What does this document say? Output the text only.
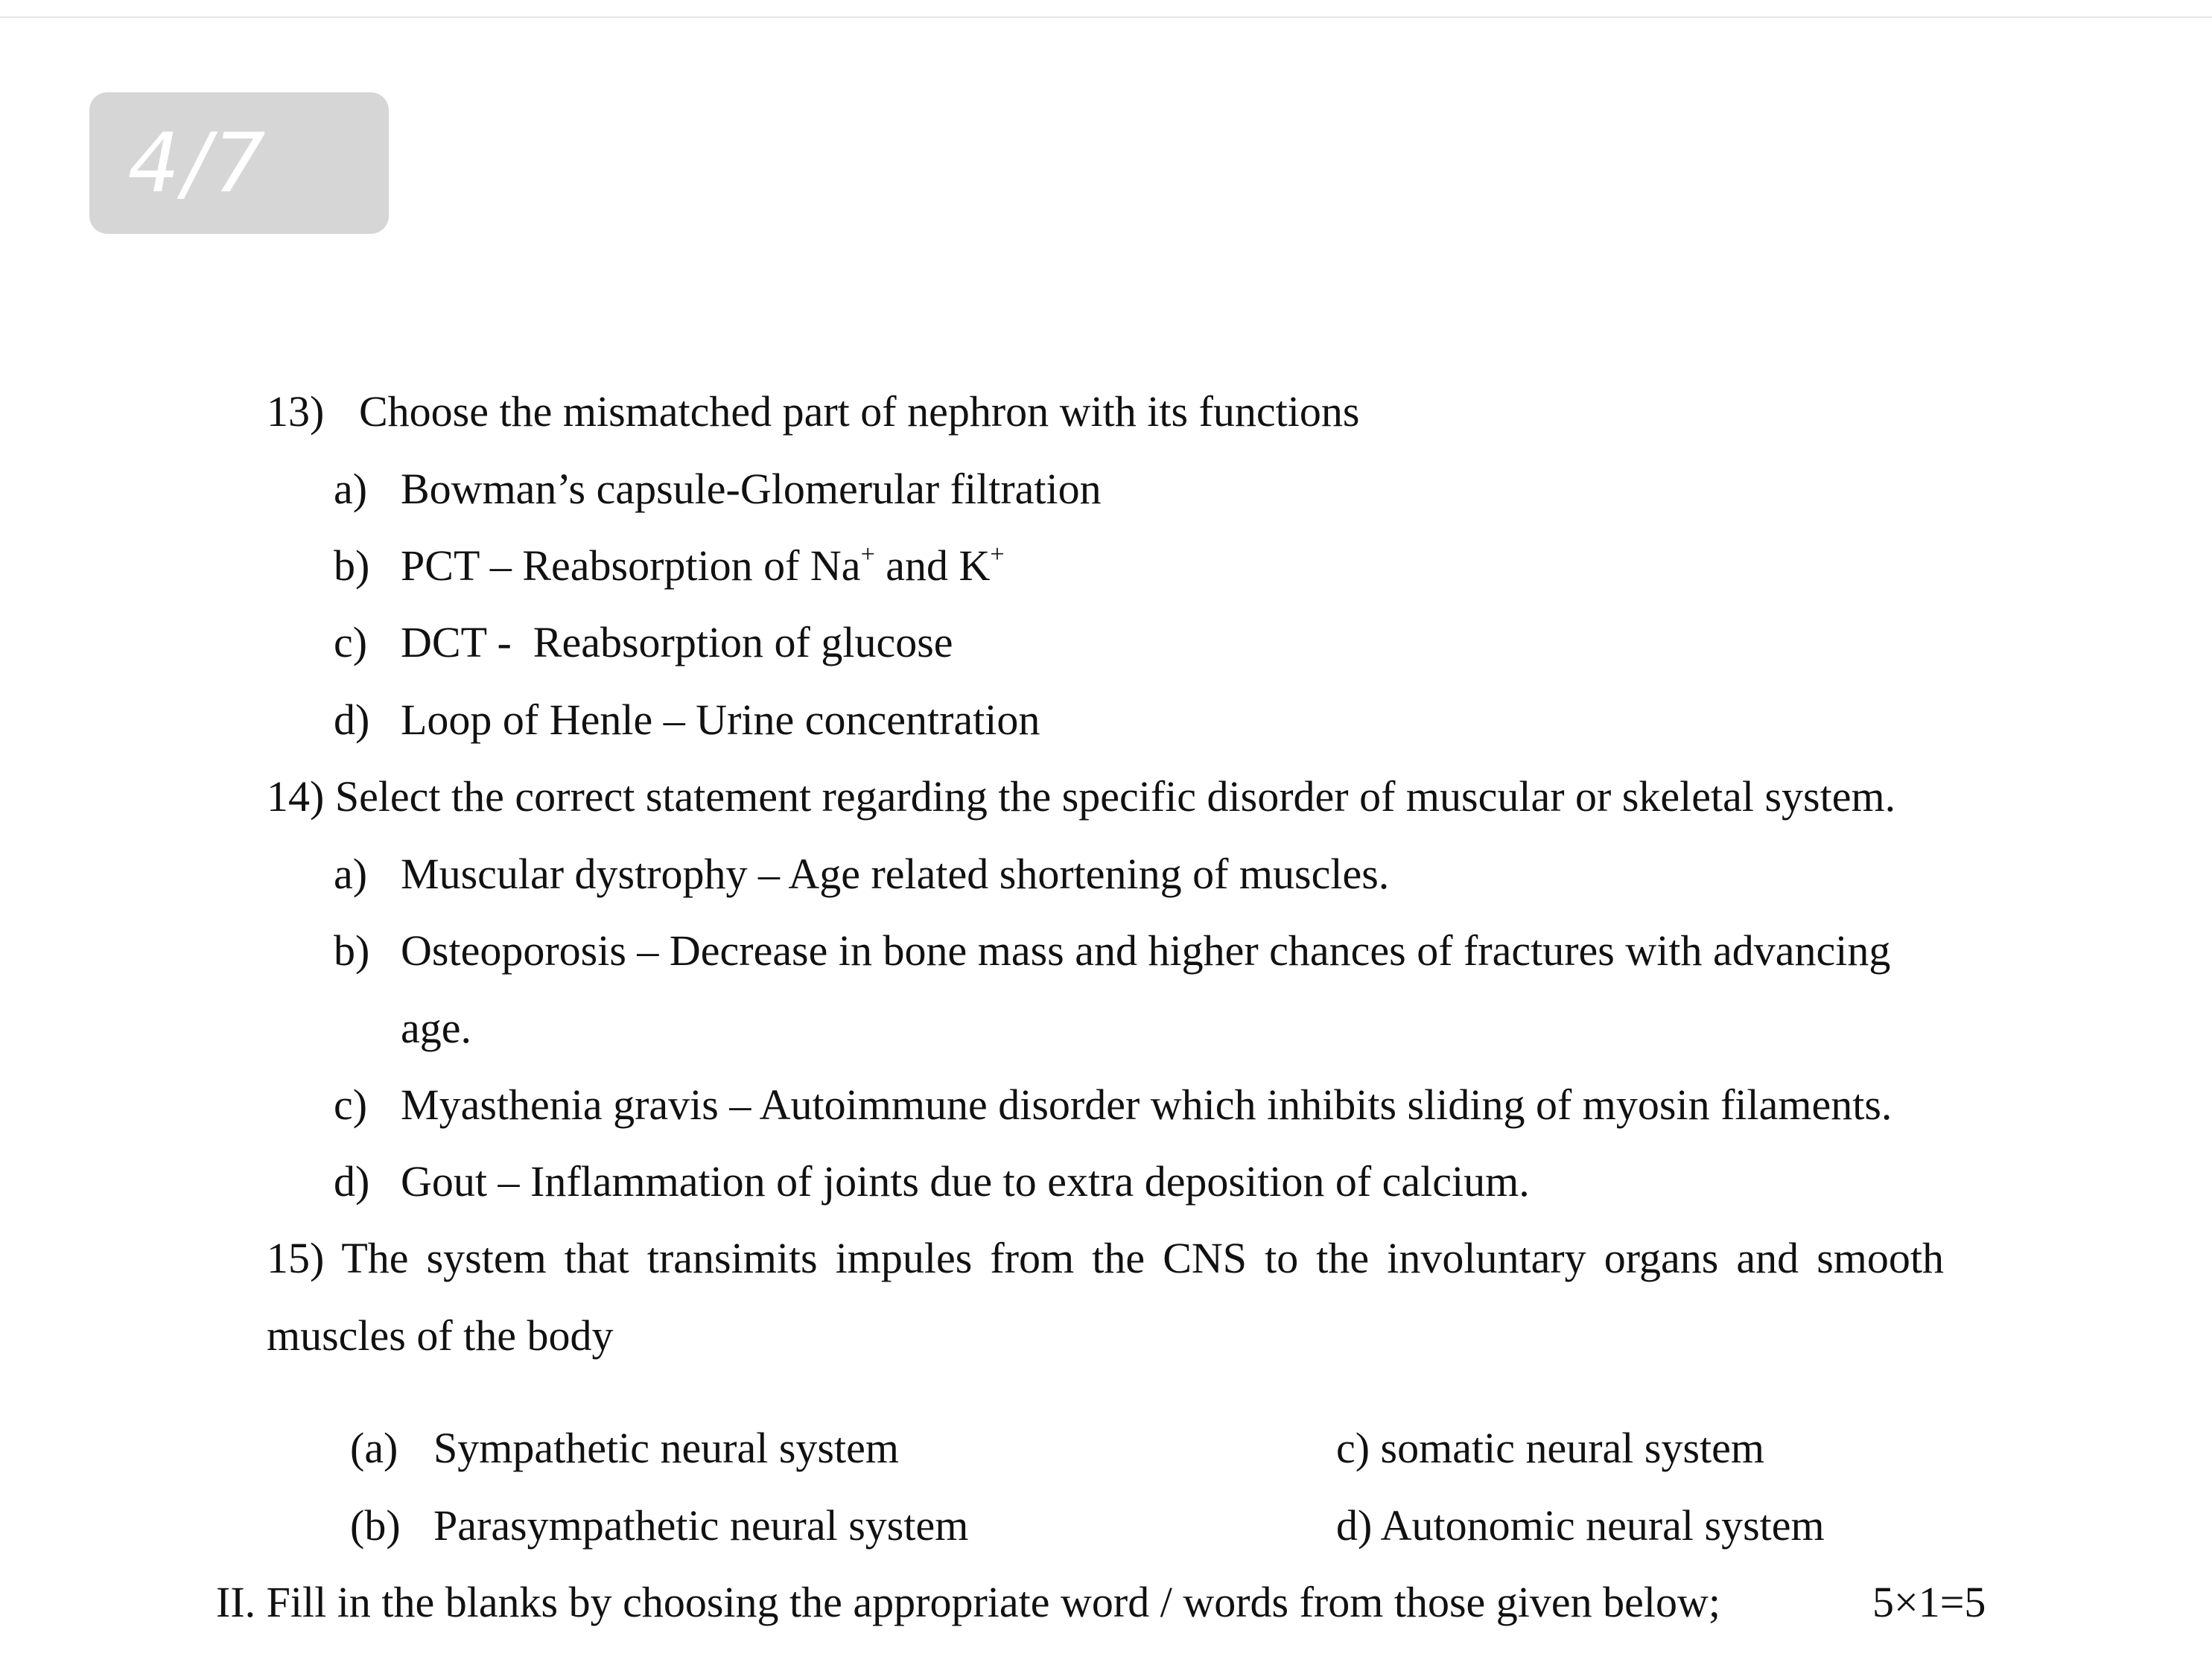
4/7
13) Choose the mismatched part of nephron with its functions
a) Bowman’s capsule-Glomerular filtration
b) PCT – Reabsorption of Na+ and K+
c) DCT -  Reabsorption of glucose
d) Loop of Henle – Urine concentration
14) Select the correct statement regarding the specific disorder of muscular or skeletal system.
a) Muscular dystrophy – Age related shortening of muscles.
b) Osteoporosis – Decrease in bone mass and higher chances of fractures with advancing
age.
c) Myasthenia gravis – Autoimmune disorder which inhibits sliding of myosin filaments.
d) Gout – Inflammation of joints due to extra deposition of calcium.
15) The system that transimits impules from the CNS to the involuntary organs and smooth
muscles of the body
(a) Sympathetic neural system
(b) Parasympathetic neural system
c) somatic neural system
d) Autonomic neural system
II. Fill in the blanks by choosing the appropriate word / words from those given below;	5×1=5
